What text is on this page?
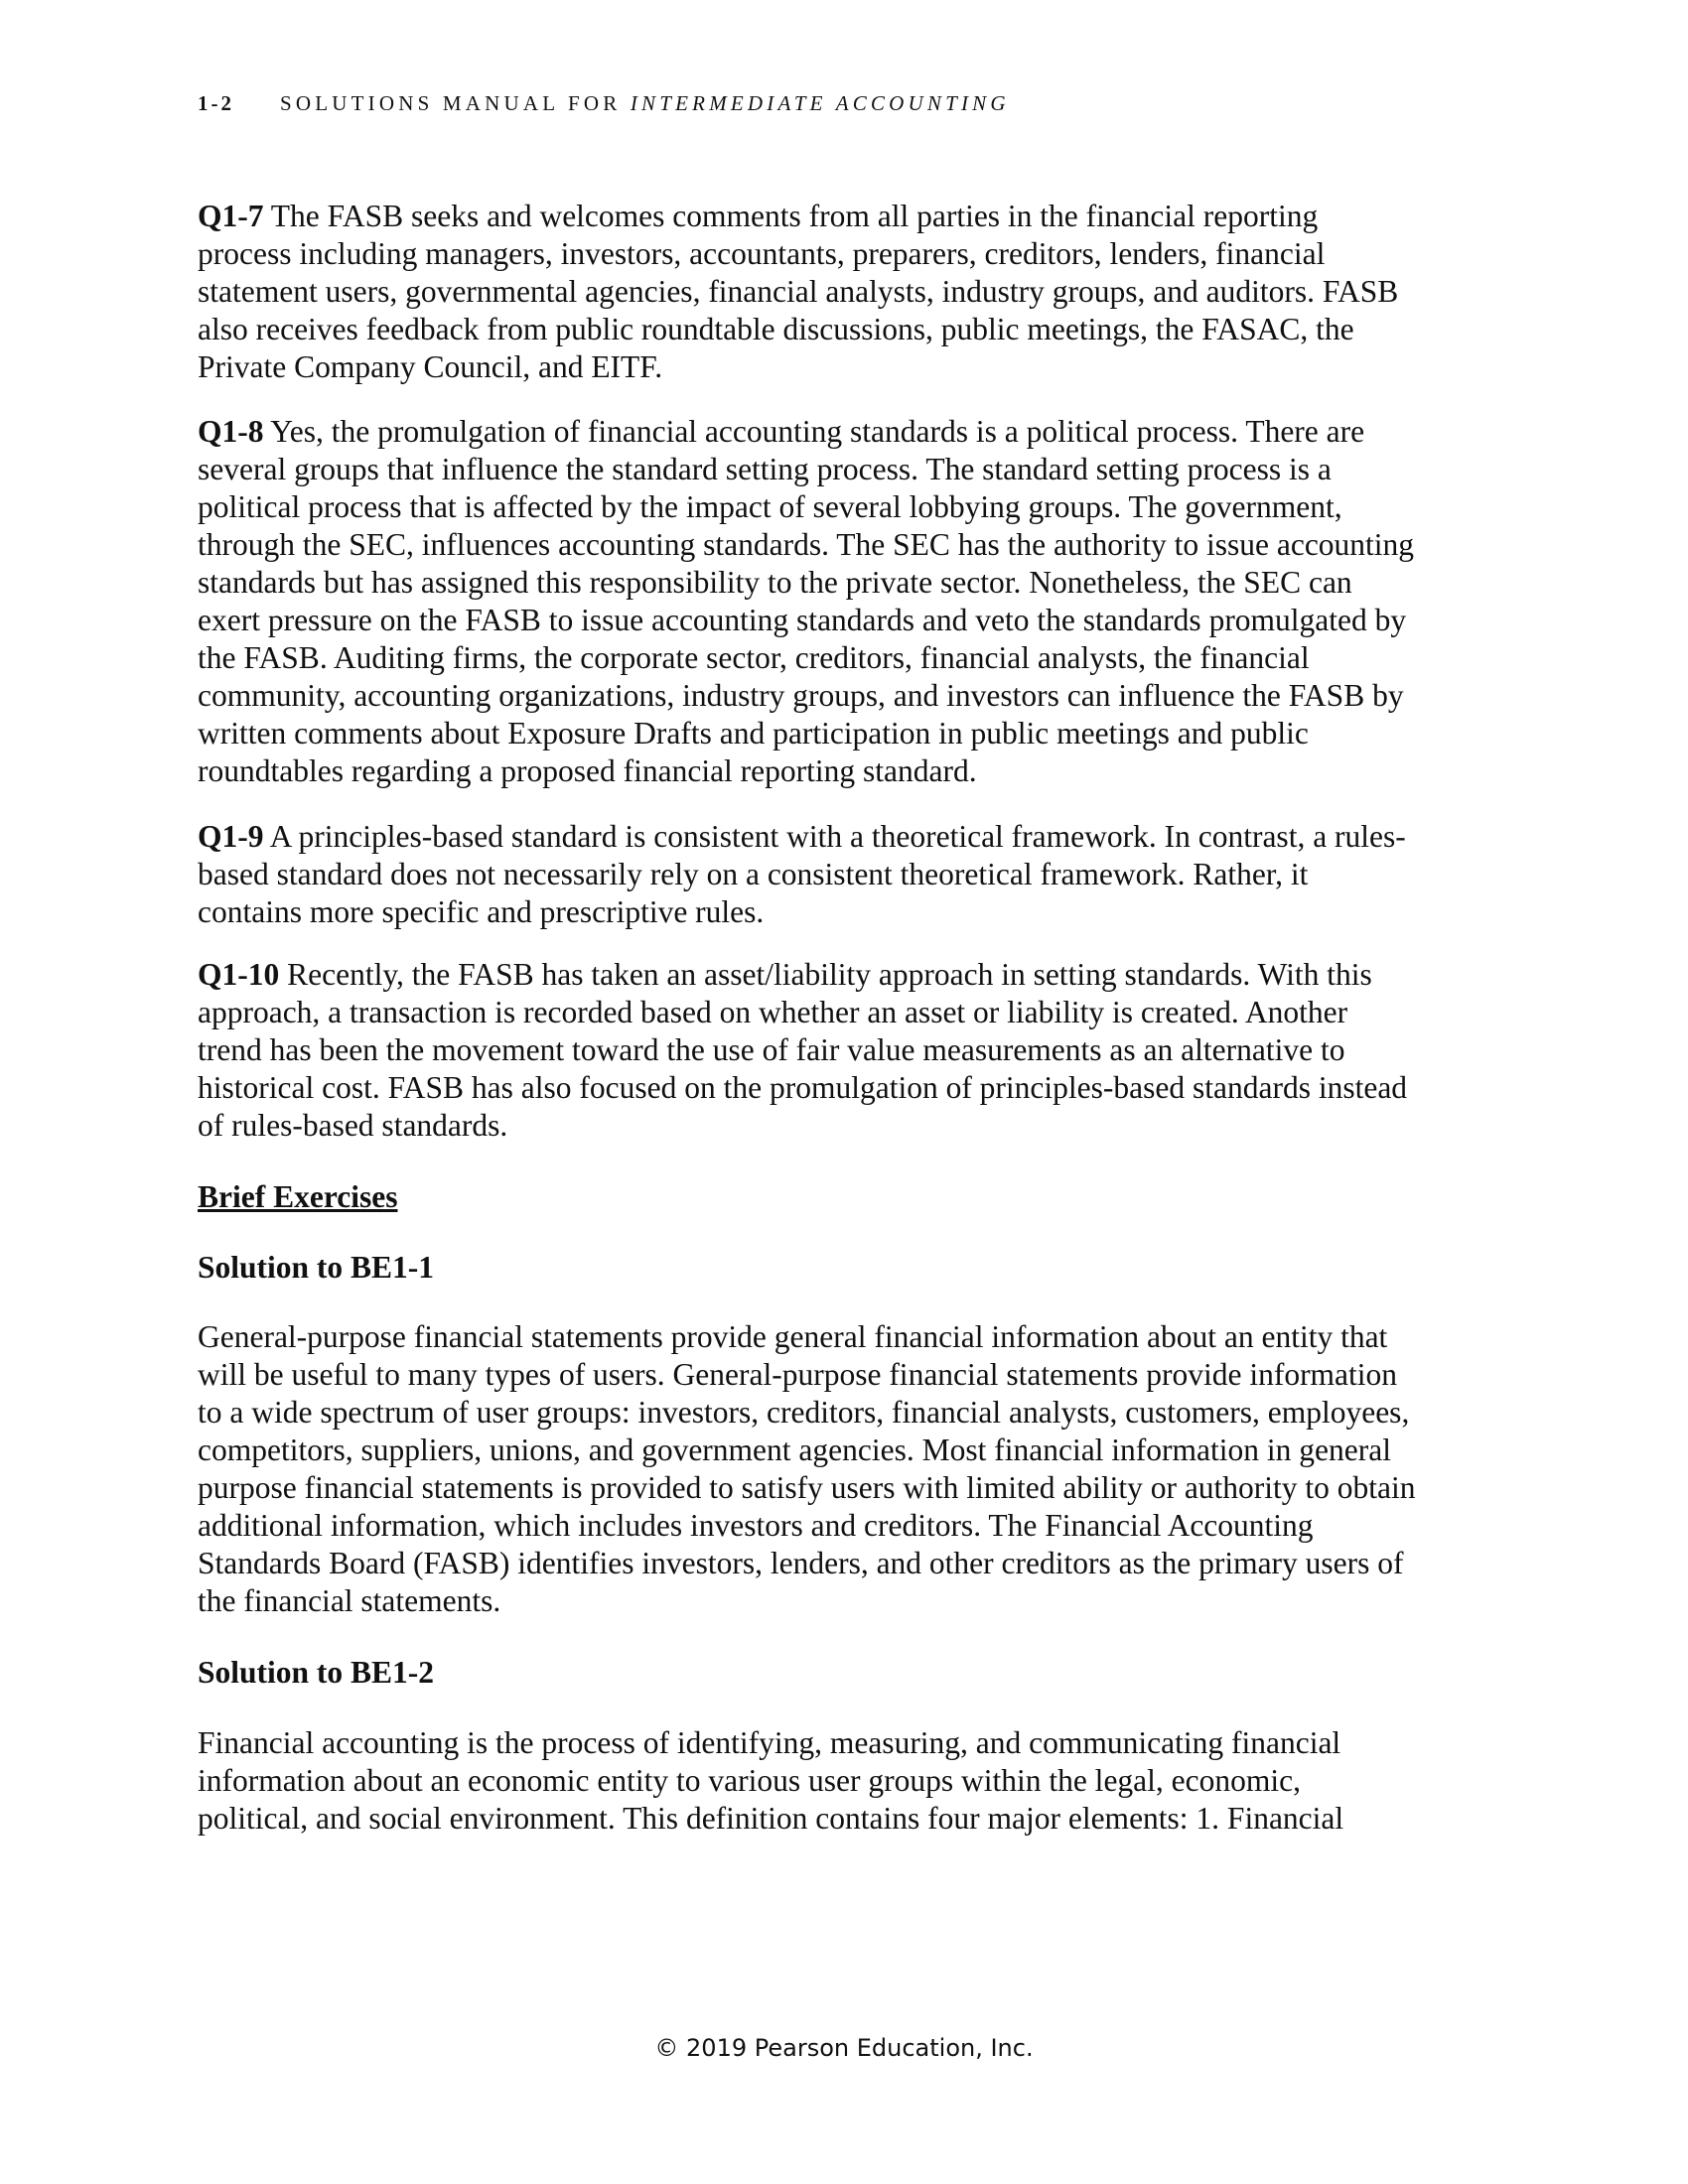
1-2 SOLUTIONS MANUAL FOR INTERMEDIATE ACCOUNTING
Q1-7 The FASB seeks and welcomes comments from all parties in the financial reporting
process including managers, investors, accountants, preparers, creditors, lenders, financial
statement users, governmental agencies, financial analysts, industry groups, and auditors. FASB
also receives feedback from public roundtable discussions, public meetings, the FASAC, the
Private Company Council, and EITF.
Q1-8 Yes, the promulgation of financial accounting standards is a political process. There are
several groups that influence the standard setting process. The standard setting process is a
political process that is affected by the impact of several lobbying groups. The government,
through the SEC, influences accounting standards. The SEC has the authority to issue accounting
standards but has assigned this responsibility to the private sector. Nonetheless, the SEC can
exert pressure on the FASB to issue accounting standards and veto the standards promulgated by
the FASB. Auditing firms, the corporate sector, creditors, financial analysts, the financial
community, accounting organizations, industry groups, and investors can influence the FASB by
written comments about Exposure Drafts and participation in public meetings and public
roundtables regarding a proposed financial reporting standard.
Q1-9 A principles-based standard is consistent with a theoretical framework. In contrast, a rules-
based standard does not necessarily rely on a consistent theoretical framework. Rather, it
contains more specific and prescriptive rules.
Q1-10 Recently, the FASB has taken an asset/liability approach in setting standards. With this
approach, a transaction is recorded based on whether an asset or liability is created. Another
trend has been the movement toward the use of fair value measurements as an alternative to
historical cost. FASB has also focused on the promulgation of principles-based standards instead
of rules-based standards.
Brief Exercises
Solution to BE1-1
General-purpose financial statements provide general financial information about an entity that
will be useful to many types of users. General-purpose financial statements provide information
to a wide spectrum of user groups: investors, creditors, financial analysts, customers, employees,
competitors, suppliers, unions, and government agencies. Most financial information in general
purpose financial statements is provided to satisfy users with limited ability or authority to obtain
additional information, which includes investors and creditors. The Financial Accounting
Standards Board (FASB) identifies investors, lenders, and other creditors as the primary users of
the financial statements.
Solution to BE1-2
Financial accounting is the process of identifying, measuring, and communicating financial
information about an economic entity to various user groups within the legal, economic,
political, and social environment. This definition contains four major elements: 1. Financial
© 2019 Pearson Education, Inc.
